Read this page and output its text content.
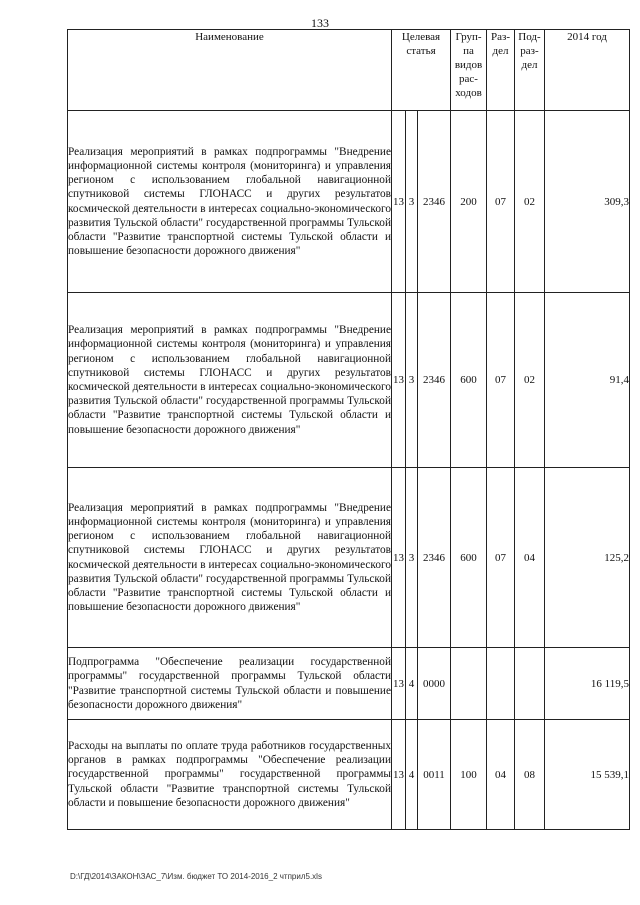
133
Наименование	Целевая статья			Груп-па видов рас-ходов	Раз-дел	Под-раз-дел	2014 год
Реализация мероприятий в рамках подпрограммы "Внедрение информационной системы контроля (мониторинга) и управления регионом с использованием глобальной навигационной спутниковой системы ГЛОНАСС и других результатов космической деятельности в интересах социально-экономического развития Тульской области" государственной программы Тульской области "Развитие транспортной системы Тульской области и повышение безопасности дорожного движения"	13	3	2346	200	07	02	309,3
Реализация мероприятий в рамках подпрограммы "Внедрение информационной системы контроля (мониторинга) и управления регионом с использованием глобальной навигационной спутниковой системы ГЛОНАСС и других результатов космической деятельности в интересах социально-экономического развития Тульской области" государственной программы Тульской области "Развитие транспортной системы Тульской области и повышение безопасности дорожного движения"	13	3	2346	600	07	02	91,4
Реализация мероприятий в рамках подпрограммы "Внедрение информационной системы контроля (мониторинга) и управления регионом с использованием глобальной навигационной спутниковой системы ГЛОНАСС и других результатов космической деятельности в интересах социально-экономического развития Тульской области" государственной программы Тульской области "Развитие транспортной системы Тульской области и повышение безопасности дорожного движения"	13	3	2346	600	07	04	125,2
Подпрограмма "Обеспечение реализации государственной программы" государственной программы Тульской области "Развитие транспортной системы Тульской области и повышение безопасности дорожного движения"	13	4	0000				16 119,5
Расходы на выплаты по оплате труда работников государственных органов в рамках подпрограммы "Обеспечение реализации государственной программы" государственной программы Тульской области "Развитие транспортной системы Тульской области и повышение безопасности дорожного движения"	13	4	0011	100	04	08	15 539,1
D:\ГД\2014\ЗАКОН\ЗАС_7\Изм. бюджет ТО 2014-2016_2 чтприл5.xls
